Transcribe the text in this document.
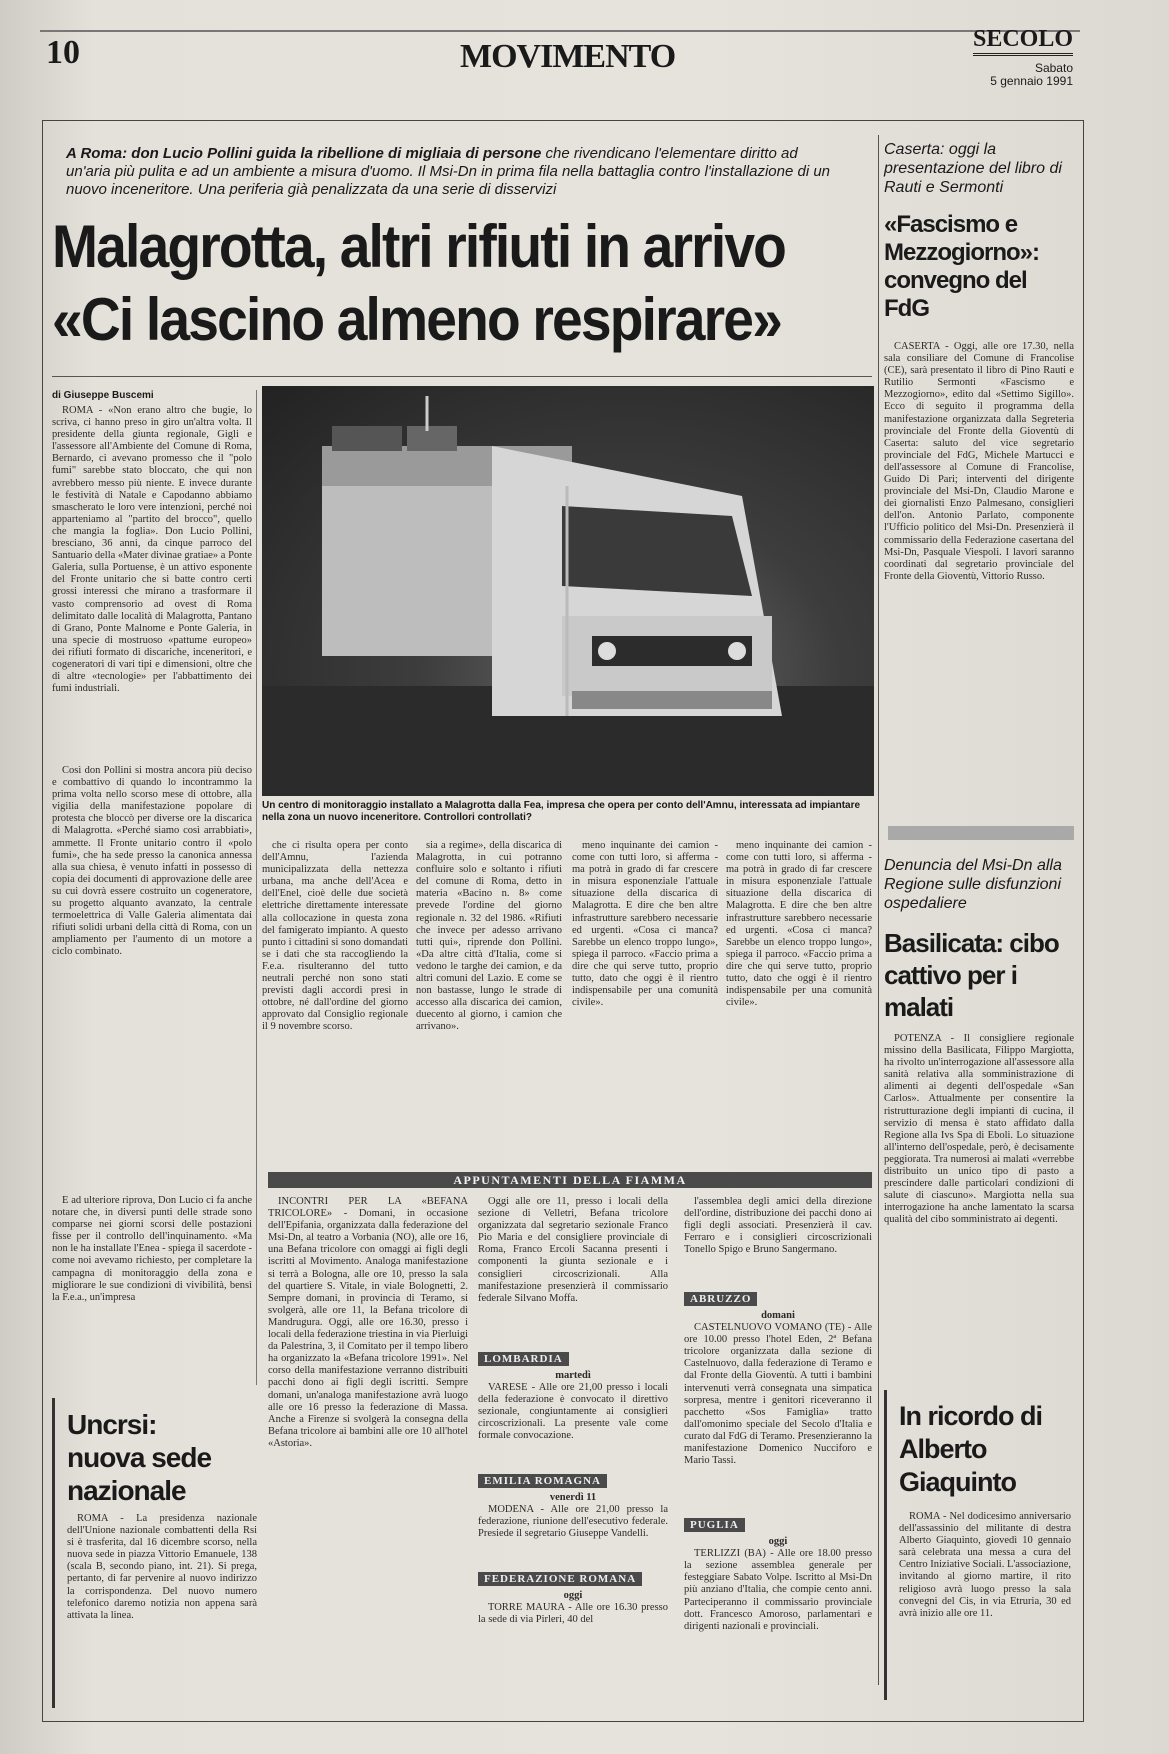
10	MOVIMENTO	SECOLO
Sabato
5 gennaio 1991
A Roma: don Lucio Pollini guida la ribellione di migliaia di persone che rivendicano l'elementare diritto ad un'aria più pulita e ad un ambiente a misura d'uomo. Il Msi-Dn in prima fila nella battaglia contro l'installazione di un nuovo inceneritore. Una periferia già penalizzata da una serie di disservizi
Malagrotta, altri rifiuti in arrivo
«Ci lascino almeno respirare»
di Giuseppe Buscemi

ROMA - «Non erano altro che bugie, lo scriva, ci hanno preso in giro un'altra volta. Il presidente della giunta regionale, Gigli e l'assessore all'Ambiente del Comune di Roma, Bernardo, ci avevano promesso che il "polo fumi" sarebbe stato bloccato, che qui non avrebbero messo più niente. E invece durante le festività di Natale e Capodanno abbiamo smascherato le loro vere intenzioni, perché noi apparteniamo al "partito del brocco", quello che mangia la foglia». Don Lucio Pollini, bresciano, 36 anni, da cinque parroco del Santuario della «Mater divinae gratiae» a Ponte Galeria, sulla Portuense, è un attivo esponente del Fronte unitario che si batte contro certi grossi interessi che mirano a trasformare il vasto comprensorio ad ovest di Roma delimitato dalle località di Malagrotta, Pantano di Grano, Ponte Malnome e Ponte Galeria, in una specie di mostruoso «pattume europeo» dei rifiuti formato di discariche, inceneritori, e cogeneratori di vari tipi e dimensioni, oltre che di altre «tecnologie» per l'abbattimento dei fumi industriali.

Così don Pollini si mostra ancora più deciso e combattivo di quando lo incontrammo la prima volta nello scorso mese di ottobre, alla vigilia della manifestazione popolare di protesta che bloccò per diverse ore la discarica di Malagrotta. «Perché siamo così arrabbiati», ammette. Il Fronte unitario contro il «polo fumi», che ha sede presso la canonica annessa alla sua chiesa, è venuto infatti in possesso di copia dei documenti di approvazione delle aree su cui dovrà essere costruito un cogeneratore, su progetto alquanto avanzato, la centrale termoelettrica di Valle Galeria alimentata dai rifiuti solidi urbani della città di Roma, con un ampliamento per l'aumento di un motore a ciclo combinato.

E ad ulteriore riprova, Don Lucio ci fa anche notare che, in diversi punti delle strade sono comparse nei giorni scorsi delle postazioni fisse per il controllo dell'inquinamento. «Ma non le ha installate l'Enea - spiega il sacerdote - come noi avevamo richiesto, per completare la campagna di monitoraggio della zona e migliorare le sue condizioni di vivibilità, bensì la F.e.a., un'impresa

Un centro di monitoraggio installato a Malagrotta dalla Fea, impresa che opera per conto dell'Amnu, interessata ad impiantare nella zona un nuovo inceneritore. Controllori controllati?

che ci risulta opera per conto dell'Amnu, l'azienda municipalizzata della nettezza urbana, ma anche dell'Acea e dell'Enel, cioè delle due società elettriche direttamente interessate alla collocazione in questa zona del famigerato impianto. A questo punto i cittadini si sono domandati se i dati che sta raccogliendo la F.e.a. risulteranno del tutto neutrali perché non sono stati previsti dagli accordi presi in ottobre, né dall'ordine del giorno approvato dal Consiglio regionale il 9 novembre scorso.

sia a regime», della discarica di Malagrotta, in cui potranno confluire solo e soltanto i rifiuti del comune di Roma, detto in materia «Bacino n. 8» come prevede l'ordine del giorno regionale n. 32 del 1986. «Rifiuti che invece per adesso arrivano tutti qui», riprende don Pollini. «Da altre città d'Italia, come si vedono le targhe dei camion, e da altri comuni del Lazio. E come se non bastasse, lungo le strade di accesso alla discarica dei camion, duecento al giorno, i camion che arrivano».

meno inquinante dei camion - come con tutti loro, si afferma - ma potrà in grado di far crescere in misura esponenziale l'attuale situazione della discarica di Malagrotta. E dire che ben altre infrastrutture sarebbero necessarie ed urgenti. «Cosa ci manca? Sarebbe un elenco troppo lungo», spiega il parroco. «Faccio prima a dire che qui serve tutto, proprio tutto, dato che oggi è il rientro indispensabile per una comunità civile».

meno inquinante dei camion - come con tutti loro, si afferma - ma potrà in grado di far crescere in misura esponenziale l'attuale situazione della discarica di Malagrotta. E dire che ben altre infrastrutture sarebbero necessarie ed urgenti. «Cosa ci manca? Sarebbe un elenco troppo lungo», spiega il parroco. «Faccio prima a dire che qui serve tutto, proprio tutto, dato che oggi è il rientro indispensabile per una comunità civile».

Uncrsi: nuova sede nazionale

ROMA - La presidenza nazionale dell'Unione nazionale combattenti della Rsi si è trasferita, dal 16 dicembre scorso, nella nuova sede in piazza Vittorio Emanuele, 138 (scala B, secondo piano, int. 21). Si prega, pertanto, di far pervenire al nuovo indirizzo la corrispondenza. Del nuovo numero telefonico daremo notizia non appena sarà attivata la linea.

APPUNTAMENTI DELLA FIAMMA

INCONTRI PER LA «BEFANA TRICOLORE» - Domani, in occasione dell'Epifania, organizzata dalla federazione del Msi-Dn, al teatro a Vorbania (NO), alle ore 16, una Befana tricolore con omaggi ai figli degli iscritti al Movimento. Analoga manifestazione si terrà a Bologna, alle ore 10, presso la sala del quartiere S. Vitale, in viale Bolognetti, 2. Sempre domani, in provincia di Teramo, si svolgerà, alle ore 11, la Befana tricolore di Mandrugura. Oggi, alle ore 16.30, presso i locali della federazione triestina in via Pierluigi da Palestrina, 3, il Comitato per il tempo libero ha organizzato la «Befana tricolore 1991». Nel corso della manifestazione verranno distribuiti pacchi dono ai figli degli iscritti. Sempre domani, un'analoga manifestazione avrà luogo alle ore 16 presso la federazione di Massa. Anche a Firenze si svolgerà la consegna della Befana tricolore ai bambini alle ore 10 all'hotel «Astoria».

Oggi alle ore 11, presso i locali della sezione di Velletri, Befana tricolore organizzata dal segretario sezionale Franco Pio Maria e del consigliere provinciale di Roma, Franco Ercoli Sacanna presenti i componenti la giunta sezionale e i consiglieri circoscrizionali. Alla manifestazione presenzierà il commissario federale Silvano Moffa.

LOMBARDIA
martedì

VARESE - Alle ore 21,00 presso i locali della federazione è convocato il direttivo sezionale, congiuntamente ai consiglieri circoscrizionali. La presente vale come formale convocazione.

EMILIA ROMAGNA
venerdì 11

MODENA - Alle ore 21,00 presso la federazione, riunione dell'esecutivo federale. Presiede il segretario Giuseppe Vandelli.

FEDERAZIONE ROMANA
oggi

TORRE MAURA - Alle ore 16.30 presso la sede di via Pirleri, 40 del

l'assemblea degli amici della direzione dell'ordine, distribuzione dei pacchi dono ai figli degli associati. Presenzierà il cav. Ferraro e i consiglieri circoscrizionali Tonello Spigo e Bruno Sangermano.

ABRUZZO
domani

CASTELNUOVO VOMANO (TE) - Alle ore 10.00 presso l'hotel Eden, 2ª Befana tricolore organizzata dalla sezione di Castelnuovo, dalla federazione di Teramo e dal Fronte della Gioventù. A tutti i bambini intervenuti verrà consegnata una simpatica sorpresa, mentre i genitori riceveranno il pacchetto «Sos Famiglia» tratto dall'omonimo speciale del Secolo d'Italia e curato dal FdG di Teramo. Presenzieranno la manifestazione Domenico Nucciforo e Mario Tassi.

PUGLIA
oggi

TERLIZZI (BA) - Alle ore 18.00 presso la sezione assemblea generale per festeggiare Sabato Volpe. Iscritto al Msi-Dn più anziano d'Italia, che compie cento anni. Parteciperanno il commissario provinciale dott. Francesco Amoroso, parlamentari e dirigenti nazionali e provinciali.

Caserta: oggi la presentazione del libro di Rauti e Sermonti
«Fascismo e Mezzogiorno»: convegno del FdG

CASERTA - Oggi, alle ore 17.30, nella sala consiliare del Comune di Francolise (CE), sarà presentato il libro di Pino Rauti e Rutilio Sermonti «Fascismo e Mezzogiorno», edito dal «Settimo Sigillo». Ecco di seguito il programma della manifestazione organizzata dalla Segreteria provinciale del Fronte della Gioventù di Caserta: saluto del vice segretario provinciale del FdG, Michele Martucci e dell'assessore al Comune di Francolise, Guido Di Pari; interventi del dirigente provinciale del Msi-Dn, Claudio Marone e dei giornalisti Enzo Palmesano, consiglieri dell'on. Antonio Parlato, componente l'Ufficio politico del Msi-Dn. Presenzierà il commissario della Federazione casertana del Msi-Dn, Pasquale Viespoli. I lavori saranno coordinati dal segretario provinciale del Fronte della Gioventù, Vittorio Russo.

Denuncia del Msi-Dn alla Regione sulle disfunzioni ospedaliere
Basilicata: cibo cattivo per i malati

POTENZA - Il consigliere regionale missino della Basilicata, Filippo Margiotta, ha rivolto un'interrogazione all'assessore alla sanità relativa alla somministrazione di alimenti ai degenti dell'ospedale «San Carlos». Attualmente per consentire la ristrutturazione degli impianti di cucina, il servizio di mensa è stato affidato dalla Regione alla Ivs Spa di Eboli. Lo situazione all'interno dell'ospedale, però, è decisamente peggiorata. Tra numerosi ai malati «verrebbe distribuito un unico tipo di pasto a prescindere dalle particolari condizioni di salute di ciascuno». Margiotta nella sua interrogazione ha anche lamentato la scarsa qualità del cibo somministrato ai degenti.

In ricordo di Alberto Giaquinto

ROMA - Nel dodicesimo anniversario dell'assassinio del militante di destra Alberto Giaquinto, giovedì 10 gennaio sarà celebrata una messa a cura del Centro Iniziative Sociali. L'associazione, invitando al giorno martire, il rito religioso avrà luogo presso la sala convegni del Cis, in via Etruria, 30 ed avrà inizio alle ore 11.
